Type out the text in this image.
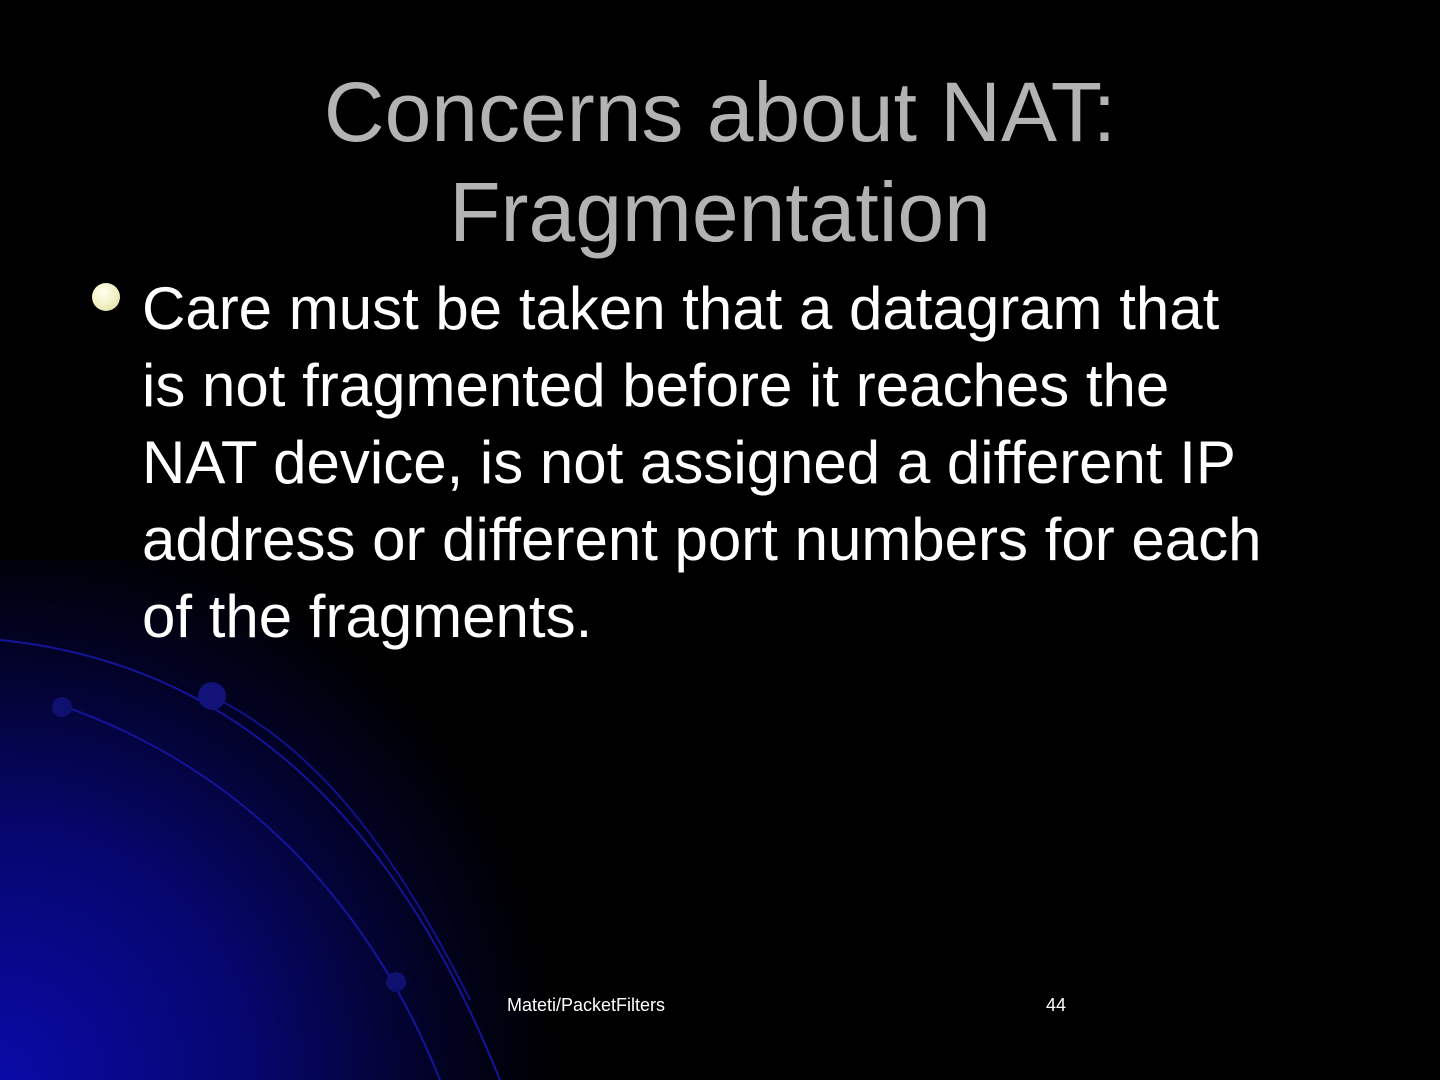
Concerns about NAT:
Fragmentation

Care must be taken that a datagram that
is not fragmented before it reaches the
NAT device, is not assigned a different IP
address or different port numbers for each
of the fragments.

Mateti/PacketFilters	44
